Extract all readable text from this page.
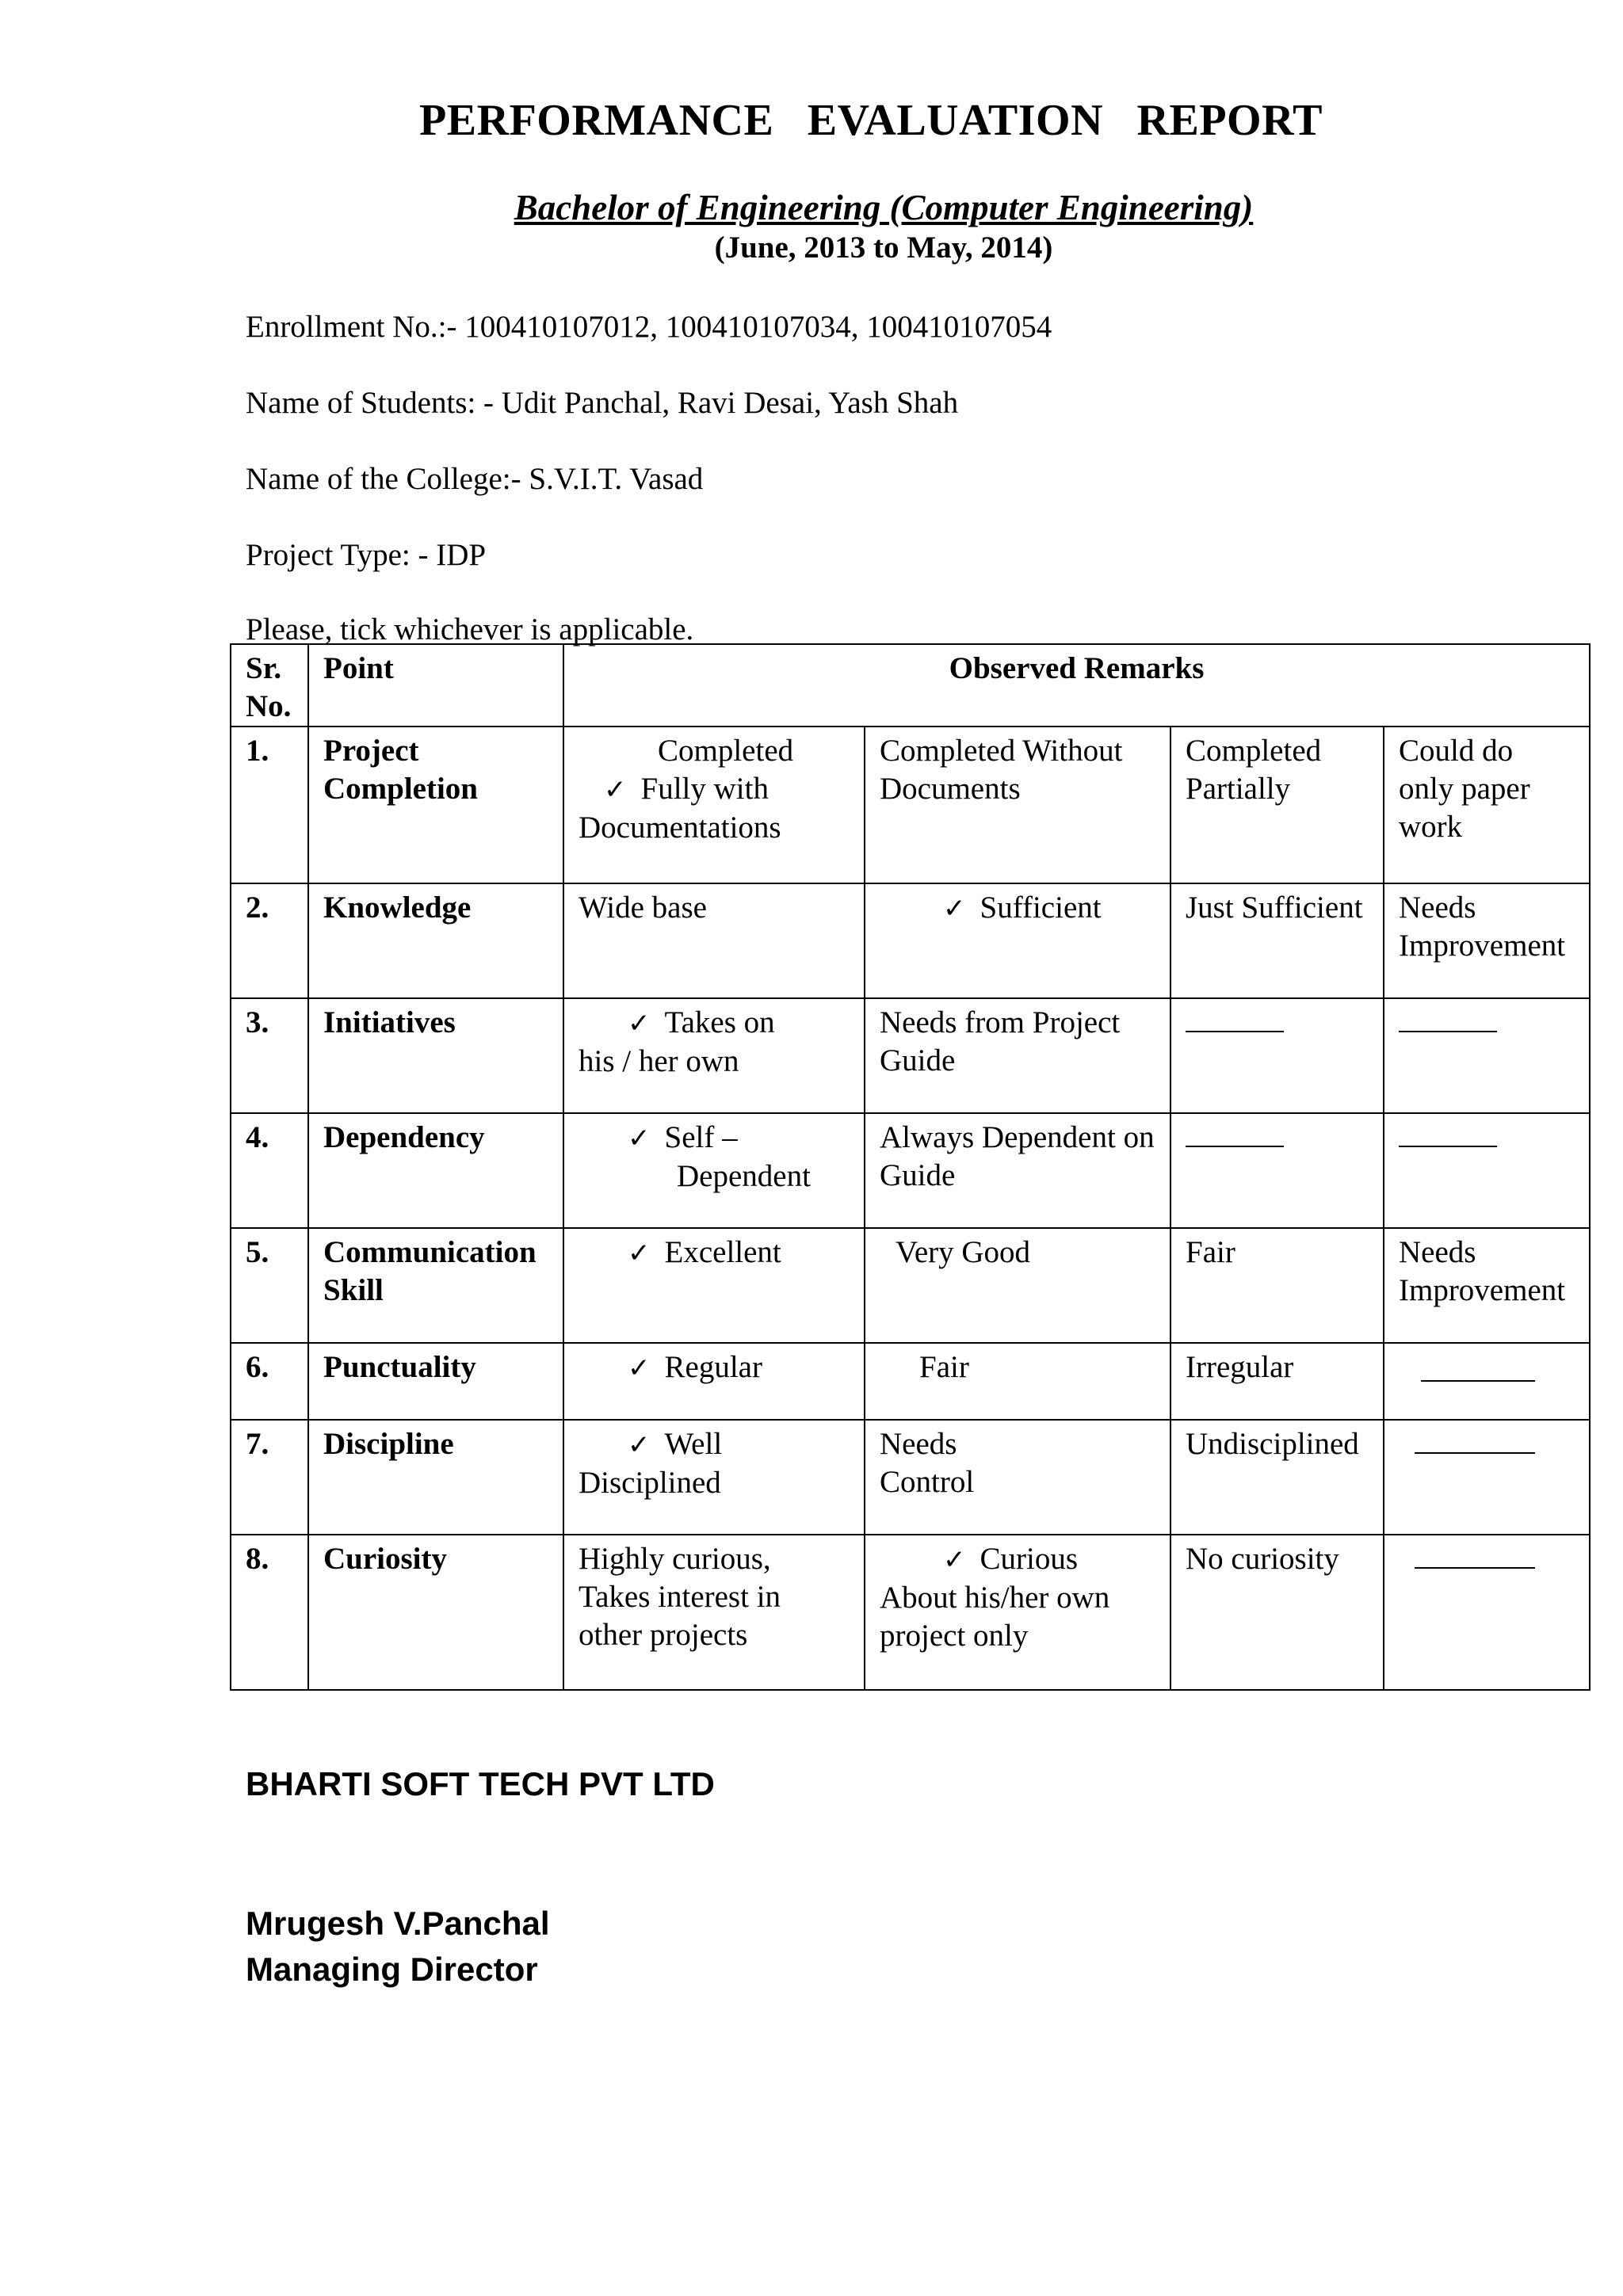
PERFORMANCE EVALUATION REPORT
Bachelor of Engineering (Computer Engineering)
(June, 2013 to May, 2014)
Enrollment No.:- 100410107012, 100410107034, 100410107054
Name of Students: - Udit Panchal, Ravi Desai, Yash Shah
Name of the College:- S.V.I.T. Vasad
Project Type: - IDP
Please, tick whichever is applicable.
Sr. No.	Point	Observed Remarks			
1.	Project Completion	Completed
✓ Fully with
Documentations	Completed Without Documents	Completed Partially	Could do only paper work
2.	Knowledge	Wide base	✓ Sufficient	Just Sufficient	Needs Improvement
3.	Initiatives	✓ Takes on
his / her own	Needs from Project Guide		
4.	Dependency	✓ Self –
Dependent	Always Dependent on Guide		
5.	Communication Skill	✓ Excellent	Very Good	Fair	Needs Improvement
6.	Punctuality	✓ Regular	Fair	Irregular	

7.	Discipline	✓ Well
Disciplined	Needs Control	Undisciplined	

8.	Curiosity	Highly curious, Takes interest in other projects	✓ Curious
About his/her own project only	No curiosity	
BHARTI SOFT TECH PVT LTD
Mrugesh V.Panchal
Managing Director
